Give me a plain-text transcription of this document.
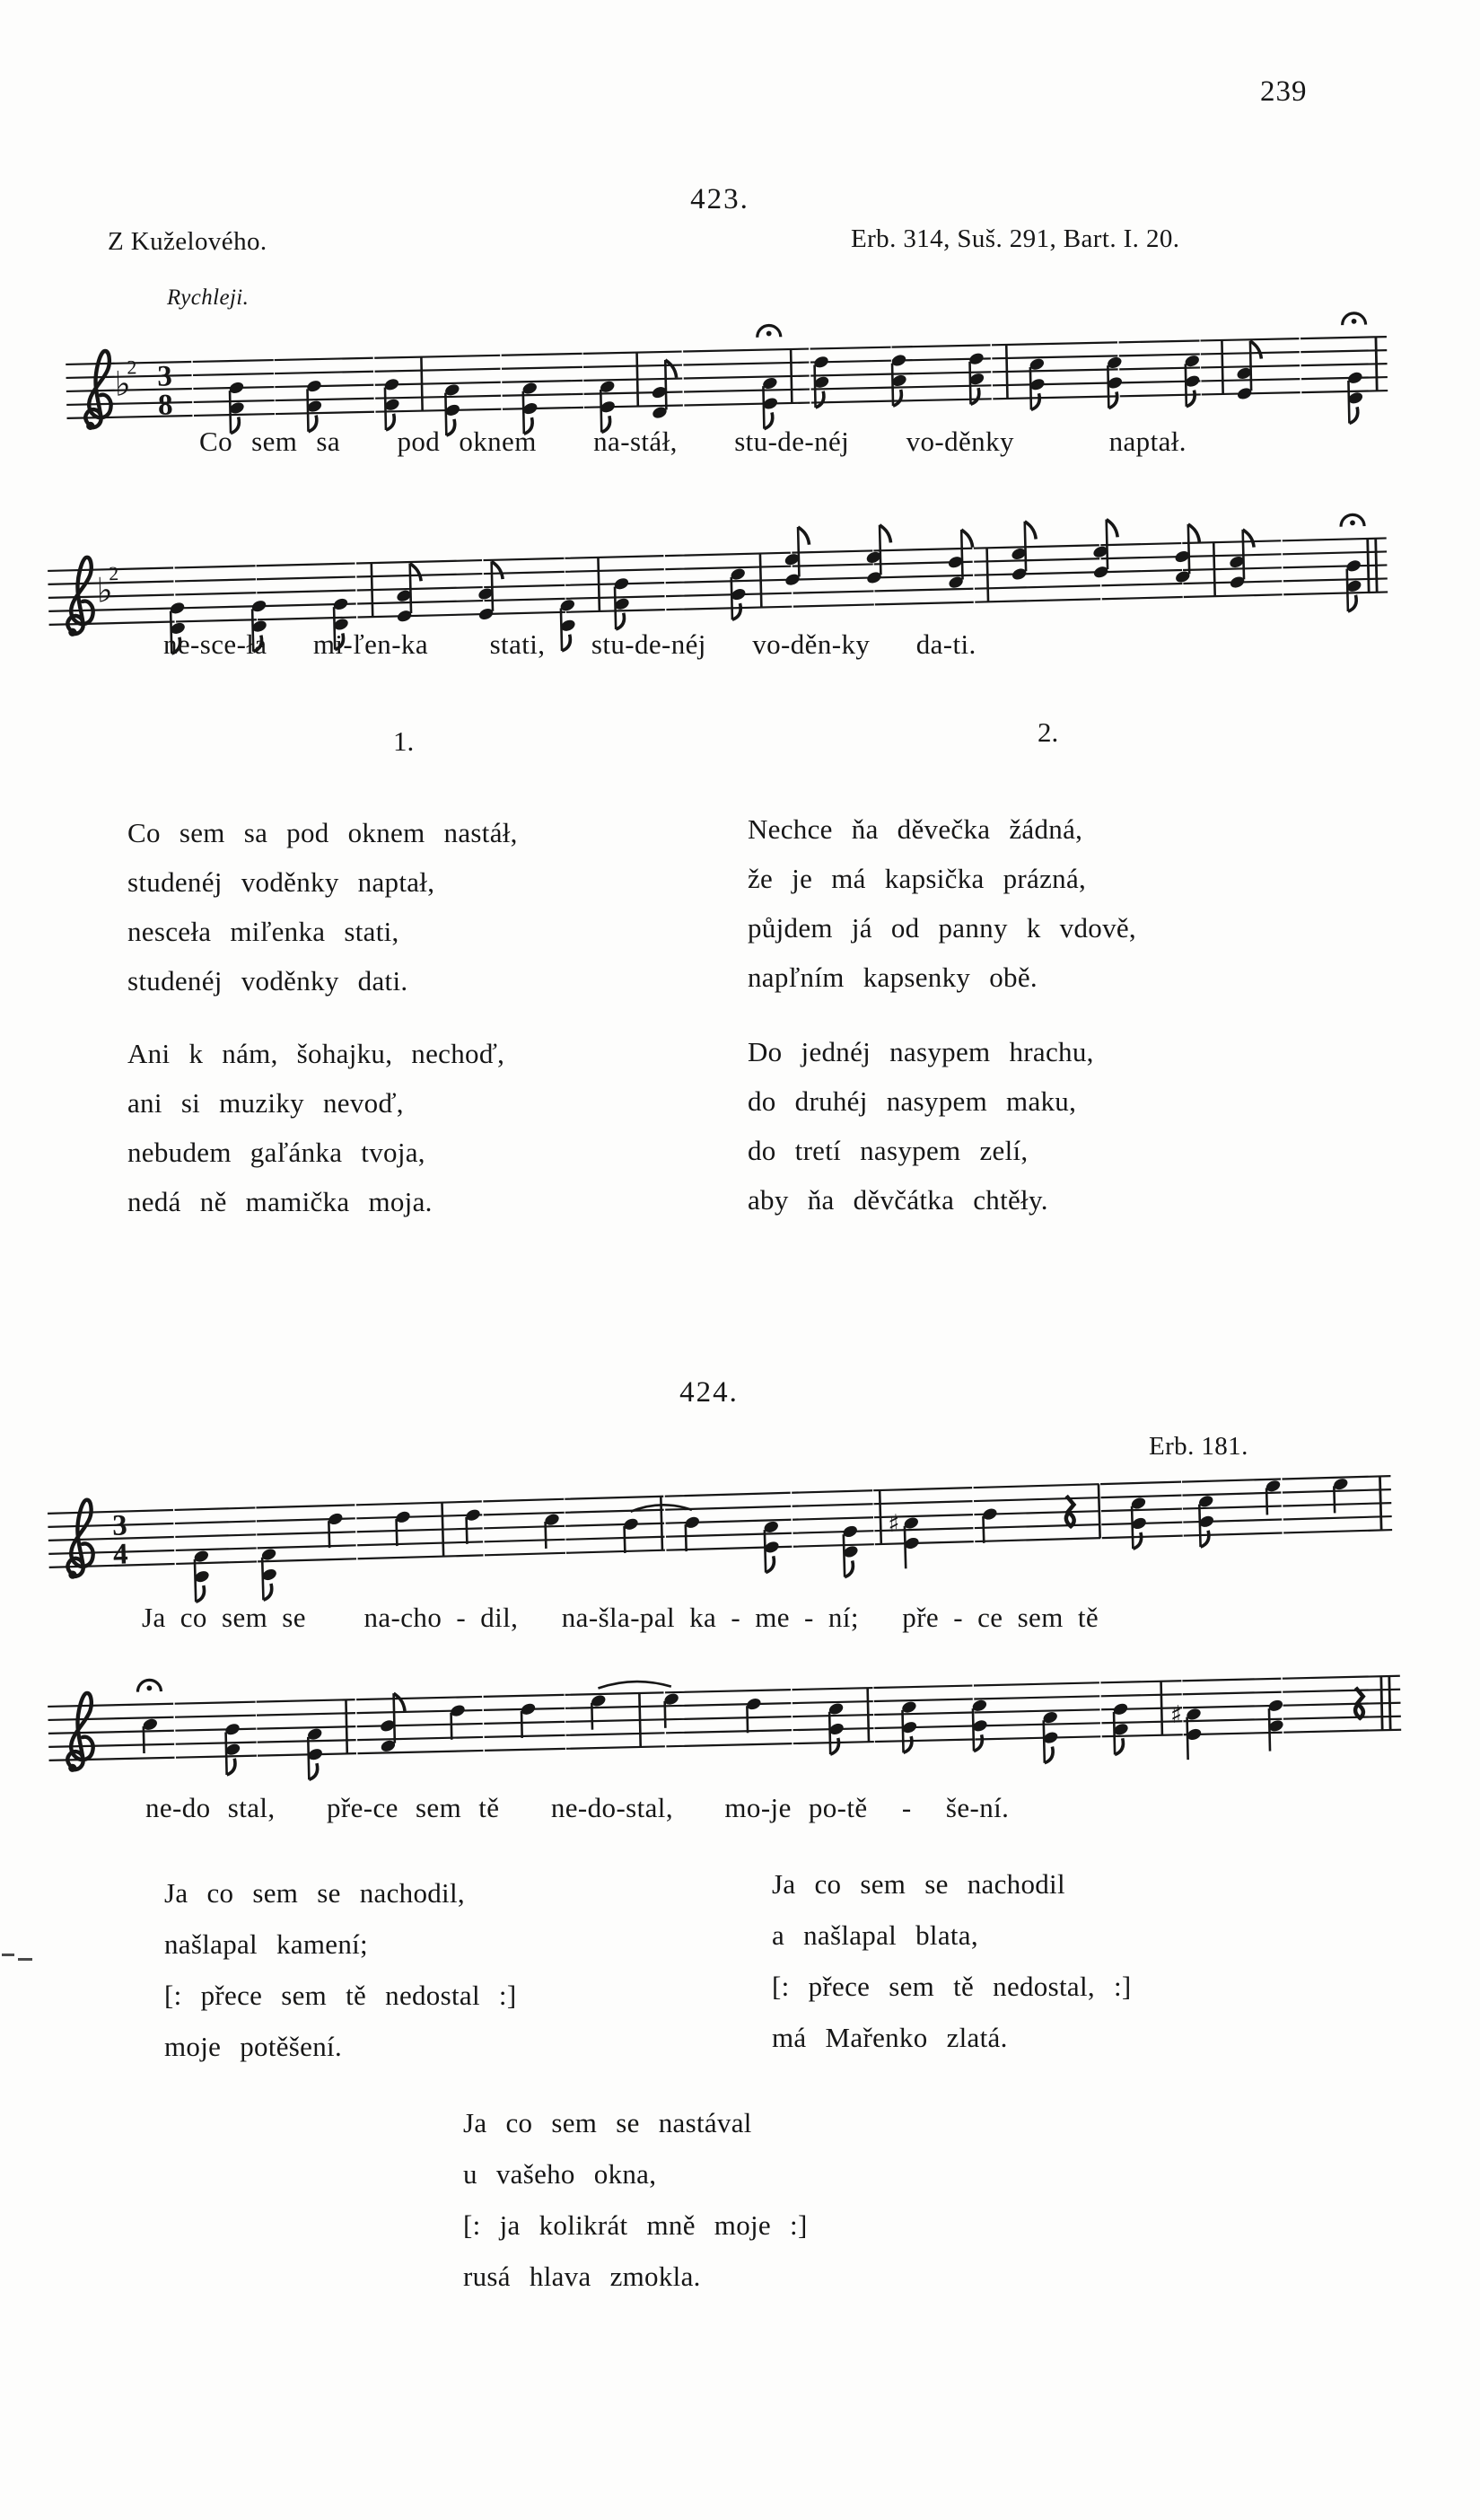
239
423.
Z Kuželového.	Erb. 314, Suš. 291, Bart. I. 20.
Rychleji.
♭
2 3
8
♭
2
3
4
♯
♯
Co sem sa   pod oknem   na-stáł,   stu-de-néj   vo-děnky     naptał.
ne-sce-ła   mi-ľen-ka    stati,   stu-de-néj   vo-děn-ky   da-ti.
1.	2.
Co sem sa pod oknem nastáł,
studenéj voděnky naptał,
nesceła miľenka stati,
studenéj voděnky dati.
Ani k nám, šohajku, nechoď,
ani si muziky nevoď,
nebudem gaľánka tvoja,
nedá ně mamička moja.
Nechce ňa děvečka žádná,
že je má kapsička prázná,
půjdem já od panny k vdově,
napľním kapsenky obě.
Do jednéj nasypem hrachu,
do druhéj nasypem maku,
do tretí nasypem zelí,
aby ňa děvčátka chtěły.
424.
Erb. 181.
Ja co sem se    na-cho - dil,   na-šla-pal ka - me - ní;   pře - ce sem tě
ne-do stal,   pře-ce sem tě   ne-do-stal,   mo-je po-tě  -  še-ní.
Ja co sem se nachodil,
našlapal kamení;
[: přece sem tě nedostal :]
moje potěšení.
Ja co sem se nachodil
a našlapal blata,
[: přece sem tě nedostal, :]
má Mařenko zlatá.
Ja co sem se nastával
u vašeho okna,
[: ja kolikrát mně moje :]
rusá hlava zmokla.
